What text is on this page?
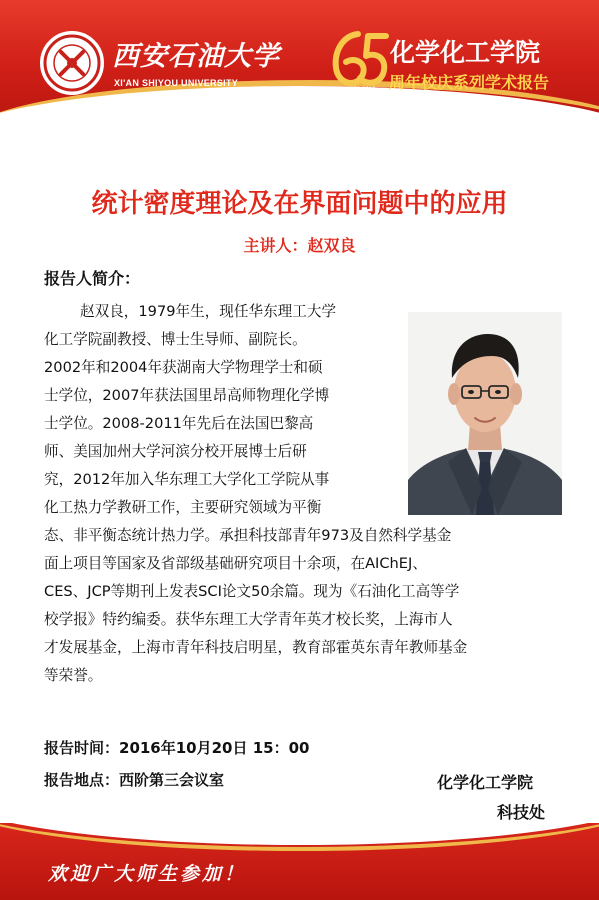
西安石油大学
XI'AN SHIYOU UNIVERSITY
1951-2016
化学化工学院
周年校庆系列学术报告
统计密度理论及在界面问题中的应用
主讲人：赵双良
报告人简介：
赵双良，1979年生，现任华东理工大学
化工学院副教授、博士生导师、副院长。
2002年和2004年获湖南大学物理学士和硕
士学位，2007年获法国里昂高师物理化学博
士学位。2008-2011年先后在法国巴黎高
师、美国加州大学河滨分校开展博士后研
究，2012年加入华东理工大学化工学院从事
化工热力学教研工作，主要研究领域为平衡
态、非平衡态统计热力学。承担科技部青年973及自然科学基金
面上项目等国家及省部级基础研究项目十余项，在AIChEJ、
CES、JCP等期刊上发表SCI论文50余篇。现为《石油化工高等学
校学报》特约编委。获华东理工大学青年英才校长奖，上海市人
才发展基金，上海市青年科技启明星，教育部霍英东青年教师基金
等荣誉。
报告时间：2016年10月20日 15：00
报告地点：西阶第三会议室	化学化工学院
科技处
欢迎广大师生参加！
